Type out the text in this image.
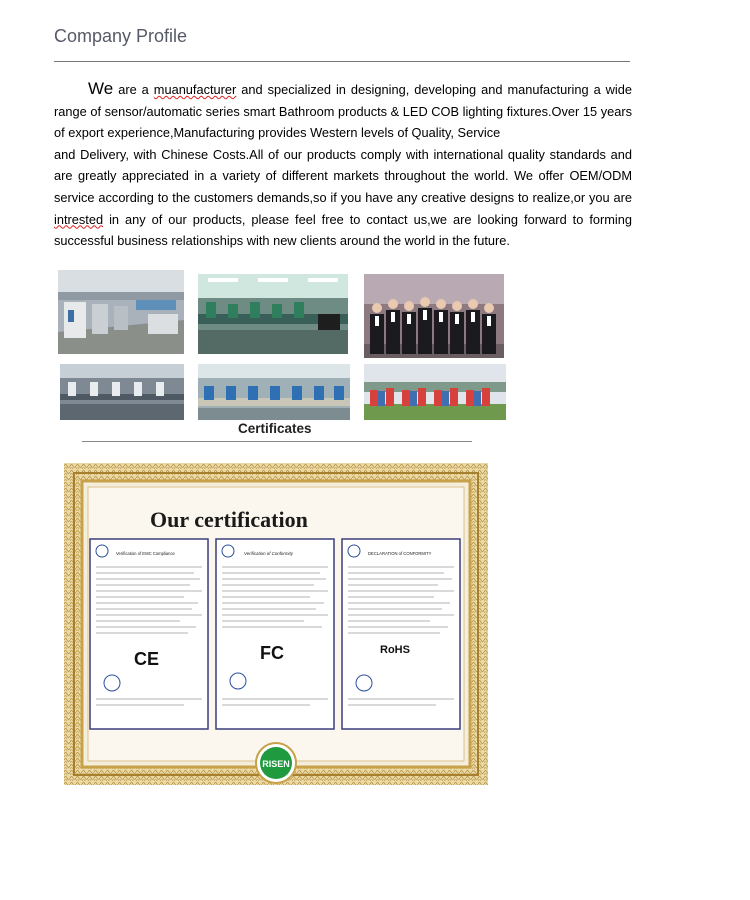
Company Profile
We are a muanufacturer and specialized in designing, developing and manufacturing a wide range of sensor/automatic series smart Bathroom products & LED COB lighting fixtures.Over 15 years of export experience,Manufacturing provides Western levels of Quality, Service
and Delivery, with Chinese Costs.All of our products comply with international quality standards and are greatly appreciated in a variety of different markets throughout the world. We offer OEM/ODM service according to the customers demands,so if you have any creative designs to realize,or you are intrested in any of our products, please feel free to contact us,we are looking forward to forming successful business relationships with new clients around the world in the future.
Certificates
Our certification
Verification of EMC Compliance
CE
Verification of Conformity
FC
DECLARATION of CONFORMITY
RoHS
RISEN
